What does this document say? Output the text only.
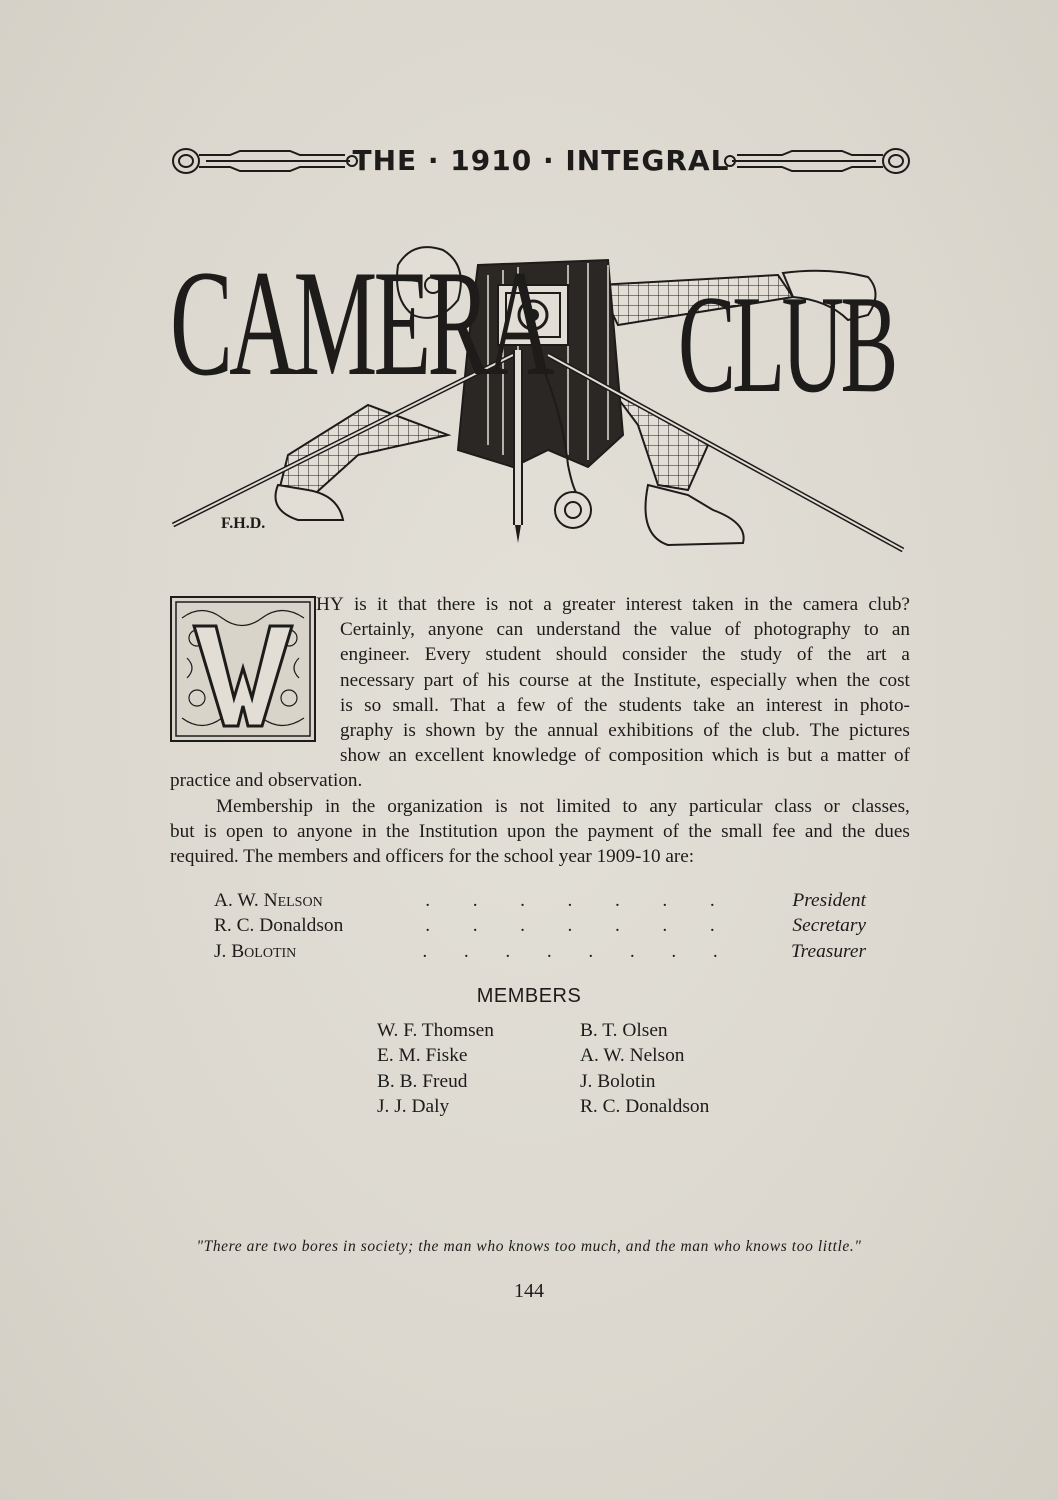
THE · 1910 · INTEGRAL
CAMERA CLUB
F.H.D.
HY is it that there is not a greater interest taken in the camera club?
Certainly, anyone can understand the value of photography to an
engineer. Every student should consider the study of the art a
necessary part of his course at the Institute, especially when the cost
is so small. That a few of the students take an interest in photo-
graphy is shown by the annual exhibitions of the club. The pictures
show an excellent knowledge of composition which is but a matter of
practice and observation.
Membership in the organization is not limited to any particular class or classes,
but is open to anyone in the Institution upon the payment of the small fee and the dues
required. The members and officers for the school year 1909-10 are:
A. W. Nelson	. . . . . . .	President
R. C. Donaldson	. . . . . . .	Secretary
J. Bolotin	. . . . . . . .	Treasurer
MEMBERS
W. F. Thomsen	B. T. Olsen
E. M. Fiske	A. W. Nelson
B. B. Freud	J. Bolotin
J. J. Daly	R. C. Donaldson
"There are two bores in society; the man who knows too much, and the man who knows too little."
144
